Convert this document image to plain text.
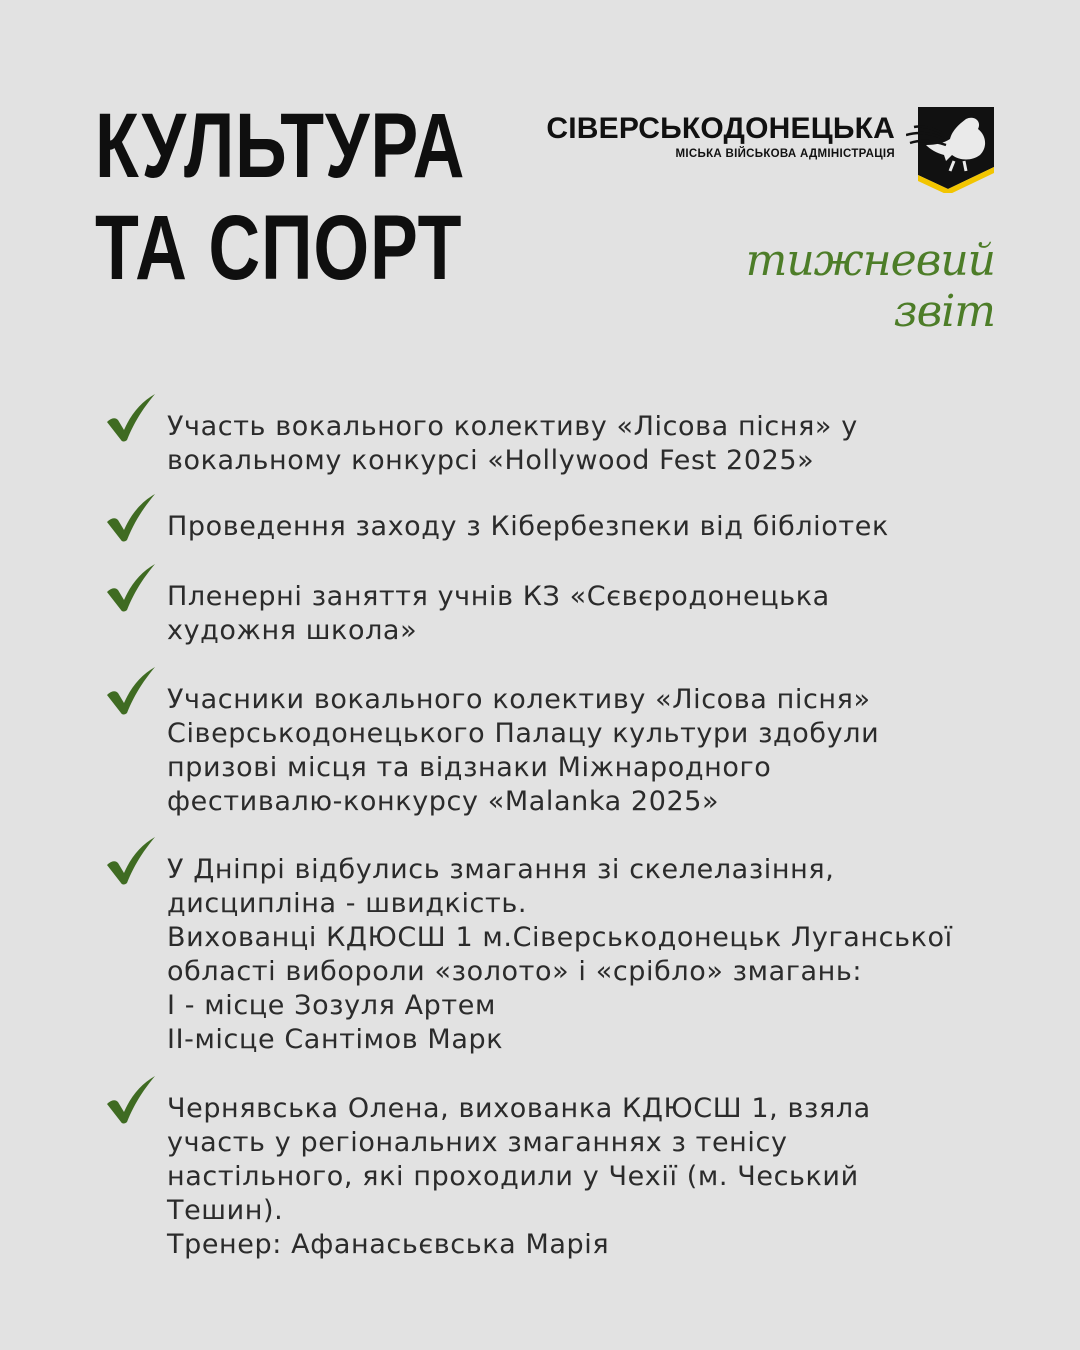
КУЛЬТУРА
ТА СПОРТ
СІВЕРСЬКОДОНЕЦЬКА
МІСЬКА ВІЙСЬКОВА АДМІНІСТРАЦІЯ
тижневий звіт
Участь вокального колективу «Лісова пісня» у
вокальному конкурсі «Hollywood Fest 2025»
Проведення заходу з Кібербезпеки від бібліотек
Пленерні заняття учнів КЗ «Сєвєродонецька
художня школа»
Учасники вокального колективу «Лісова пісня»
Сіверськодонецького Палацу культури здобули
призові місця та відзнаки Міжнародного
фестивалю-конкурсу «Malanka 2025»
У Дніпрі відбулись змагання зі скелелазіння,
дисципліна - швидкість.
Вихованці КДЮСШ 1 м.Сіверськодонецьк Луганської
області вибороли «золото» і «срібло» змагань:
I - місце Зозуля Артем
II-місце Сантімов Марк
Чернявська Олена, вихованка КДЮСШ 1, взяла
участь у регіональних змаганнях з тенісу
настільного, які проходили у Чехії (м. Чеський
Тешин).
Тренер: Афанасьєвська Марія
